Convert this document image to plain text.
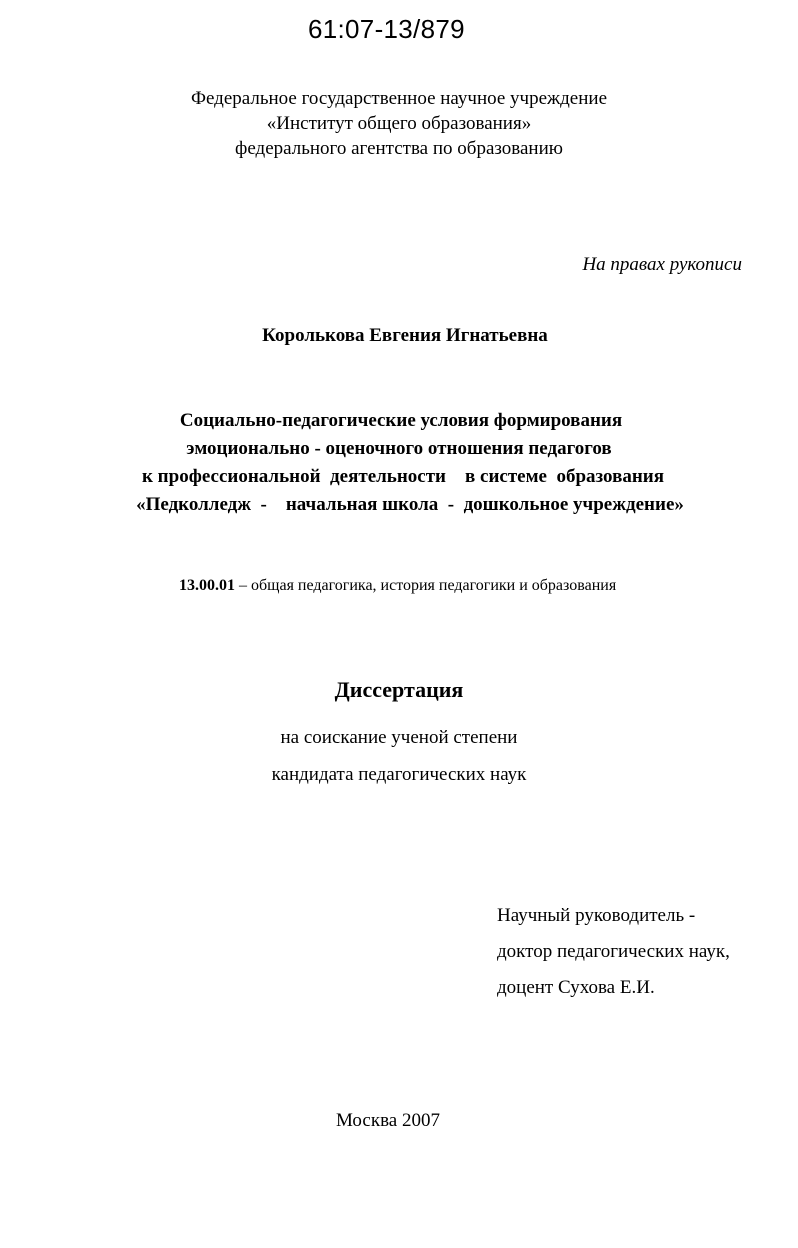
61:07-13/879
Федеральное государственное научное учреждение
«Институт общего образования»
федерального агентства по образованию
На правах рукописи
Королькова Евгения Игнатьевна
Социально-педагогические условия формирования
эмоционально - оценочного отношения педагогов
к профессиональной  деятельности    в системе  образования
«Педколледж  -    начальная школа  -  дошкольное учреждение»
13.00.01 – общая педагогика, история педагогики и образования
Диссертация
на соискание ученой степени
кандидата педагогических наук
Научный руководитель -
доктор педагогических наук,
доцент Сухова Е.И.
Москва 2007
